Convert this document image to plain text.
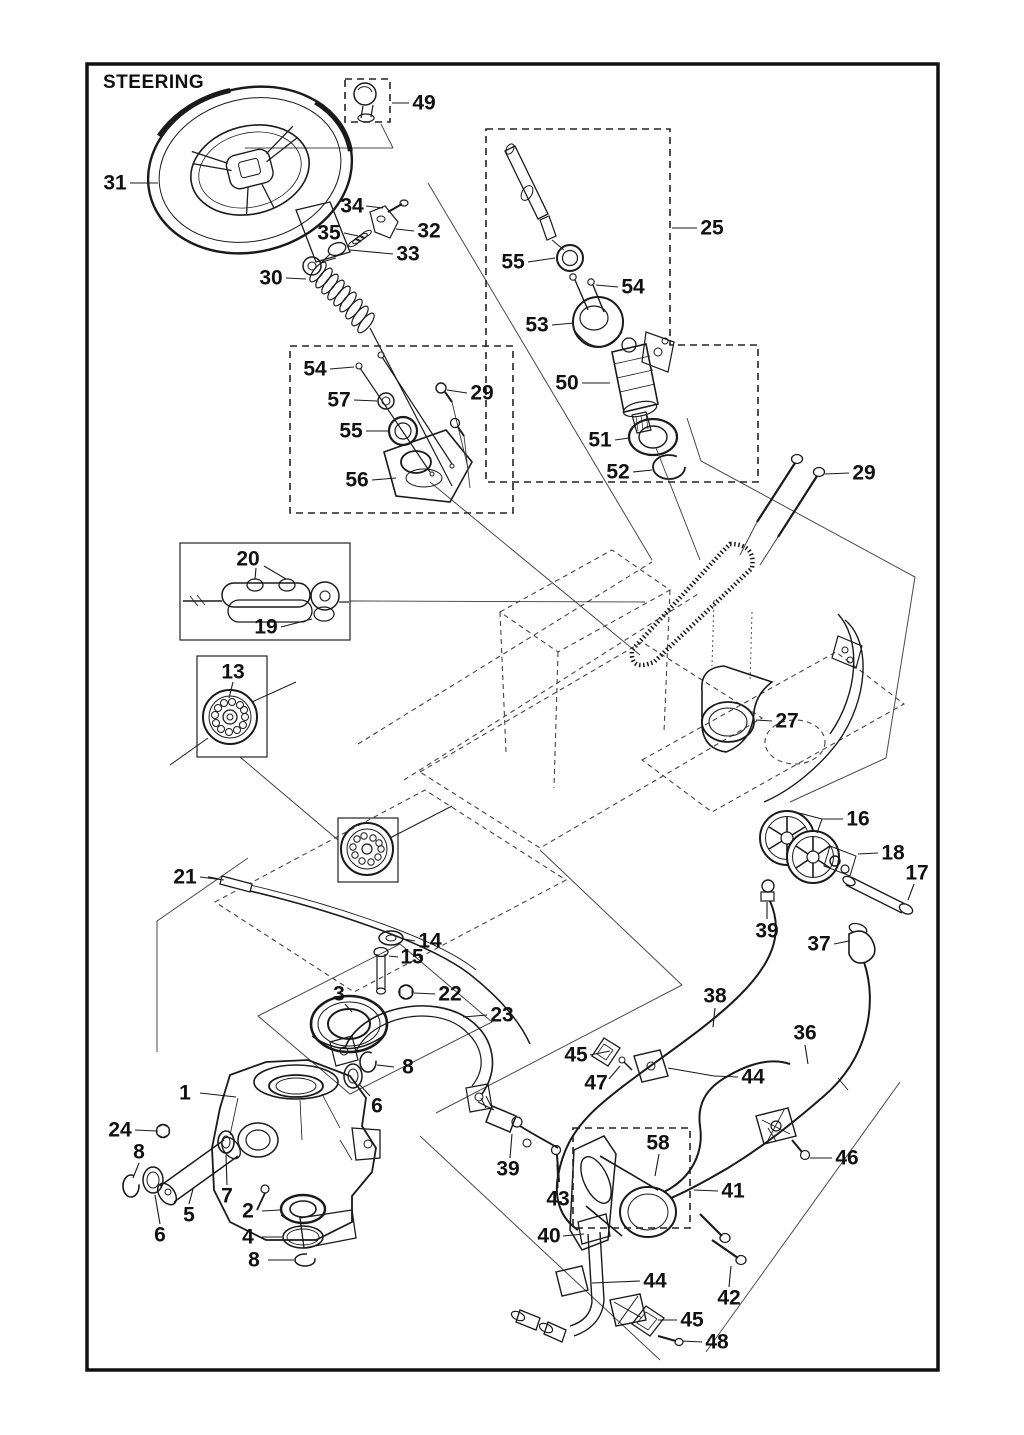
STEERING
49
31
34
32
35
33
30
25
55
54
53
50
51
52	29
54
57
55
56
29
20
19
13
27
16
18
17
39
37
38
36
21
14
15
3	22
23
8
6
1
24
8
5
6
7
2
4
8
45
47	44
39
43
58
41
40
46
42
44
45
48
